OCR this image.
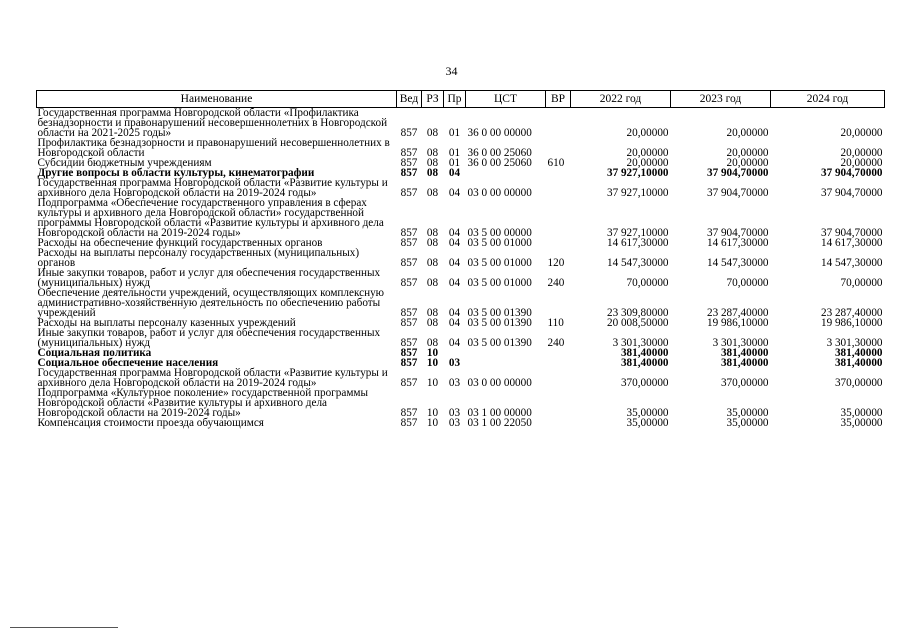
34
Наименование	Вед	РЗ	Пр	ЦСТ	ВР	2022 год	2023 год	2024 год
Государственная программа Новгородской области «Профилактика безнадзорности и правонарушений несовершеннолетних в Новгородской области на 2021-2025 годы»	857	08	01	36 0 00 00000		20,00000	20,00000	20,00000
Профилактика безнадзорности и правонарушений несовершеннолетних в Новгородской области	857	08	01	36 0 00 25060		20,00000	20,00000	20,00000
Субсидии бюджетным учреждениям	857	08	01	36 0 00 25060	610	20,00000	20,00000	20,00000
Другие вопросы в области культуры, кинематографии	857	08	04			37 927,10000	37 904,70000	37 904,70000
Государственная программа Новгородской области «Развитие культуры и архивного дела Новгородской области на 2019-2024 годы»	857	08	04	03 0 00 00000		37 927,10000	37 904,70000	37 904,70000
Подпрограмма «Обеспечение государственного управления в сферах культуры и архивного дела Новгородской области» государственной программы Новгородской области «Развитие культуры и архивного дела Новгородской области на 2019-2024 годы»	857	08	04	03 5 00 00000		37 927,10000	37 904,70000	37 904,70000
Расходы на обеспечение функций государственных органов	857	08	04	03 5 00 01000		14 617,30000	14 617,30000	14 617,30000
Расходы на выплаты персоналу государственных (муниципальных) органов	857	08	04	03 5 00 01000	120	14 547,30000	14 547,30000	14 547,30000
Иные закупки товаров, работ и услуг для обеспечения государственных (муниципальных) нужд	857	08	04	03 5 00 01000	240	70,00000	70,00000	70,00000
Обеспечение деятельности учреждений, осуществляющих комплексную административно-хозяйственную деятельность по обеспечению работы учреждений	857	08	04	03 5 00 01390		23 309,80000	23 287,40000	23 287,40000
Расходы на выплаты персоналу казенных учреждений	857	08	04	03 5 00 01390	110	20 008,50000	19 986,10000	19 986,10000
Иные закупки товаров, работ и услуг для обеспечения государственных (муниципальных) нужд	857	08	04	03 5 00 01390	240	3 301,30000	3 301,30000	3 301,30000
Социальная политика	857	10				381,40000	381,40000	381,40000
Социальное обеспечение населения	857	10	03			381,40000	381,40000	381,40000
Государственная программа Новгородской области «Развитие культуры и архивного дела Новгородской области на 2019-2024 годы»	857	10	03	03 0 00 00000		370,00000	370,00000	370,00000
Подпрограмма «Культурное поколение» государственной программы Новгородской области «Развитие культуры и архивного дела Новгородской области на 2019-2024 годы»	857	10	03	03 1 00 00000		35,00000	35,00000	35,00000
Компенсация стоимости проезда обучающимся	857	10	03	03 1 00 22050		35,00000	35,00000	35,00000
